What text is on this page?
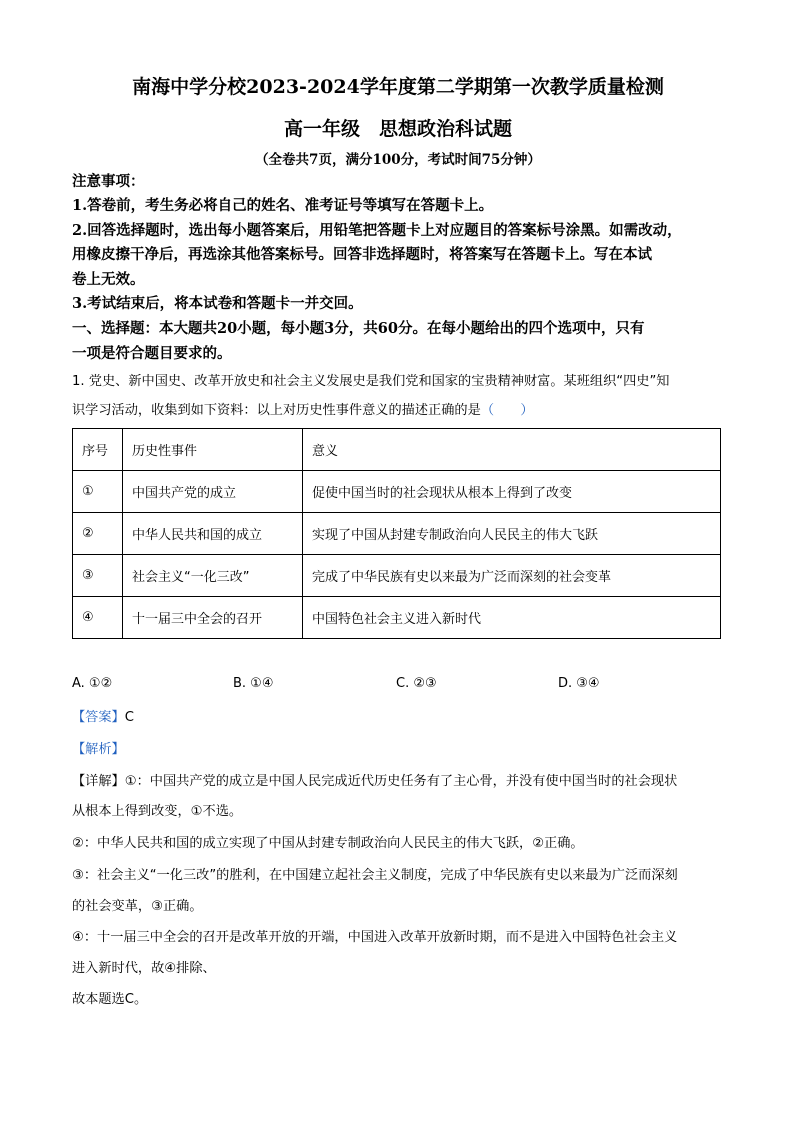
南海中学分校2023-2024学年度第二学期第一次教学质量检测
高一年级　思想政治科试题
（全卷共7页，满分100分，考试时间75分钟）
注意事项：
1.答卷前，考生务必将自己的姓名、准考证号等填写在答题卡上。
2.回答选择题时，选出每小题答案后，用铅笔把答题卡上对应题目的答案标号涂黑。如需改动，
用橡皮擦干净后，再选涂其他答案标号。回答非选择题时，将答案写在答题卡上。写在本试
卷上无效。
3.考试结束后，将本试卷和答题卡一并交回。
一、选择题：本大题共20小题，每小题3分，共60分。在每小题给出的四个选项中，只有
一项是符合题目要求的。
1. 党史、新中国史、改革开放史和社会主义发展史是我们党和国家的宝贵精神财富。某班组织“四史”知
识学习活动，收集到如下资料：以上对历史性事件意义的描述正确的是（　　）
序号	历史性事件	意义
①	中国共产党的成立	促使中国当时的社会现状从根本上得到了改变
②	中华人民共和国的成立	实现了中国从封建专制政治向人民民主的伟大飞跃
③	社会主义“一化三改”	完成了中华民族有史以来最为广泛而深刻的社会变革
④	十一届三中全会的召开	中国特色社会主义进入新时代
A. ①②	B. ①④	C. ②③	D. ③④
【答案】C
【解析】
【详解】①：中国共产党的成立是中国人民完成近代历史任务有了主心骨，并没有使中国当时的社会现状
从根本上得到改变，①不选。
②：中华人民共和国的成立实现了中国从封建专制政治向人民民主的伟大飞跃，②正确。
③：社会主义“一化三改”的胜利，在中国建立起社会主义制度，完成了中华民族有史以来最为广泛而深刻
的社会变革，③正确。
④：十一届三中全会的召开是改革开放的开端，中国进入改革开放新时期，而不是进入中国特色社会主义
进入新时代，故④排除、
故本题选C。
